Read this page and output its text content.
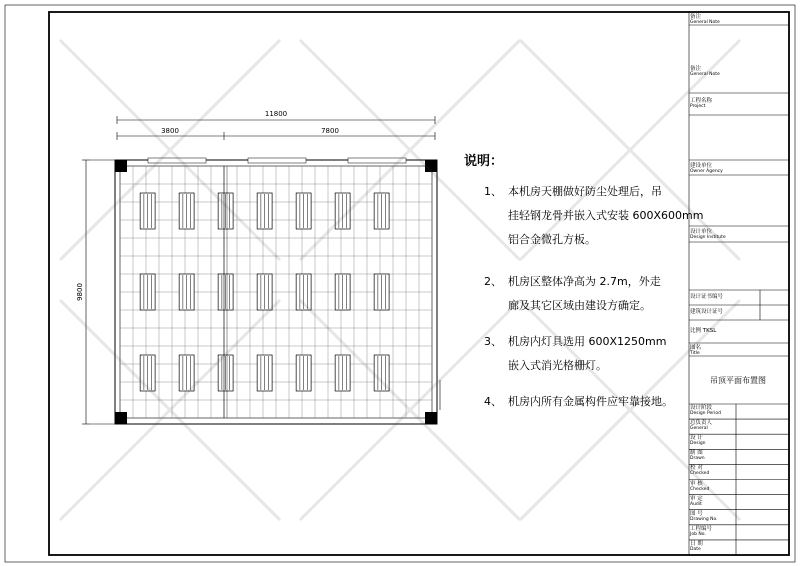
11800
3800	7800
9800
说明：
1、 本机房天棚做好防尘处理后，吊
挂轻钢龙骨并嵌入式安装 600X600mm
铝合金微孔方板。
2、 机房区整体净高为 2.7m，外走
廊及其它区域由建设方确定。
3、 机房内灯具选用 600X1250mm
嵌入式消光格栅灯。
4、 机房内所有金属构件应牢靠接地。
备注
General Note
备注
General Note
工程名称
Project
建设单位
Owner Agency
设计单位
Design Institute
设计证书编号
建筑设计证号
比例 TKSL
图名
Title
吊顶平面布置图
设计阶段
Design Period
总负责人
General
设 计
Design
制 图
Drawn
校 对
Checked
审 核
Checked
审 定
Audit
图 号
Drawing No.
工程编号
Job No.
日 期
Date
